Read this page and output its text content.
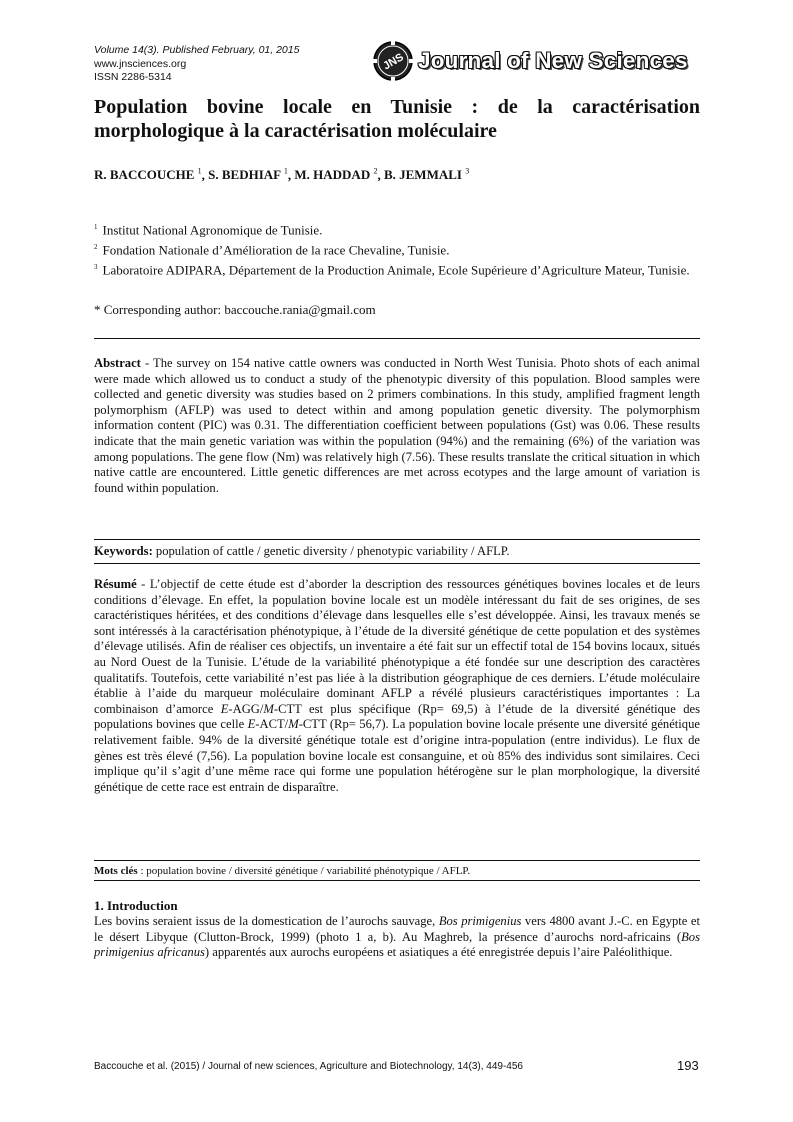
Volume 14(3). Published February, 01, 2015
www.jnsciences.org
ISSN 2286-5314
JNS Journal of New Sciences
Population bovine locale en Tunisie : de la caractérisation morphologique à la caractérisation moléculaire
R. BACCOUCHE $^1$, S. BEDHIAF $^1$, M. HADDAD $^2$, B. JEMMALI $^3$

$^1$ Institut National Agronomique de Tunisie.

$^2$ Fondation Nationale d’Amélioration de la race Chevaline, Tunisie.

$^3$ Laboratoire ADIPARA, Département de la Production Animale, Ecole Supérieure d’Agriculture Mateur, Tunisie.

* Corresponding author: baccouche.rania@gmail.com
Abstract - The survey on 154 native cattle owners was conducted in North West Tunisia. Photo shots of each animal were made which allowed us to conduct a study of the phenotypic diversity of this population. Blood samples were collected and genetic diversity was studies based on 2 primers combinations. In this study, amplified fragment length polymorphism (AFLP) was used to detect within and among population genetic diversity. The polymorphism information content (PIC) was 0.31. The differentiation coefficient between populations (Gst) was 0.06. These results indicate that the main genetic variation was within the population (94%) and the remaining (6%) of the variation was among populations. The gene flow (Nm) was relatively high (7.56). These results translate the critical situation in which native cattle are encountered. Little genetic differences are met across ecotypes and the large amount of variation is found within population.
Keywords: population of cattle / genetic diversity / phenotypic variability / AFLP.
Résumé - L’objectif de cette étude est d’aborder la description des ressources génétiques bovines locales et de leurs conditions d’élevage. En effet, la population bovine locale est un modèle intéressant du fait de ses origines, de ses caractéristiques héritées, et des conditions d’élevage dans lesquelles elle s’est développée. Ainsi, les travaux menés se sont intéressés à la caractérisation phénotypique, à l’étude de la diversité génétique de cette population et des systèmes d’élevage utilisés. Afin de réaliser ces objectifs, un inventaire a été fait sur un effectif total de 154 bovins locaux, situés au Nord Ouest de la Tunisie. L’étude de la variabilité phénotypique a été fondée sur une description des caractères qualitatifs. Toutefois, cette variabilité n’est pas liée à la distribution géographique de ces derniers. L’étude moléculaire établie à l’aide du marqueur moléculaire dominant AFLP a révélé plusieurs caractéristiques importantes : La combinaison d’amorce E-AGG/M-CTT est plus spécifique (Rp= 69,5) à l’étude de la diversité génétique des populations bovines que celle E-ACT/M-CTT (Rp= 56,7). La population bovine locale présente une diversité génétique relativement faible. 94% de la diversité génétique totale est d’origine intra-population (entre individus). Le flux de gènes est très élevé (7,56). La population bovine locale est consanguine, et où 85% des individus sont similaires. Ceci implique qu’il s’agit d’une même race qui forme une population hétérogène sur le plan morphologique, la diversité génétique de cette race est entrain de disparaître.
Mots clés : population bovine / diversité génétique / variabilité phénotypique / AFLP.
1. Introduction
Les bovins seraient issus de la domestication de l’aurochs sauvage, Bos primigenius vers 4800 avant J.-C. en Egypte et le désert Libyque (Clutton-Brock, 1999) (photo 1 a, b). Au Maghreb, la présence d’aurochs nord-africains (Bos primigenius africanus) apparentés aux aurochs européens et asiatiques a été enregistrée depuis l’aire Paléolithique.
Baccouche et al. (2015) / Journal of new sciences, Agriculture and Biotechnology, 14(3), 449-456	193
